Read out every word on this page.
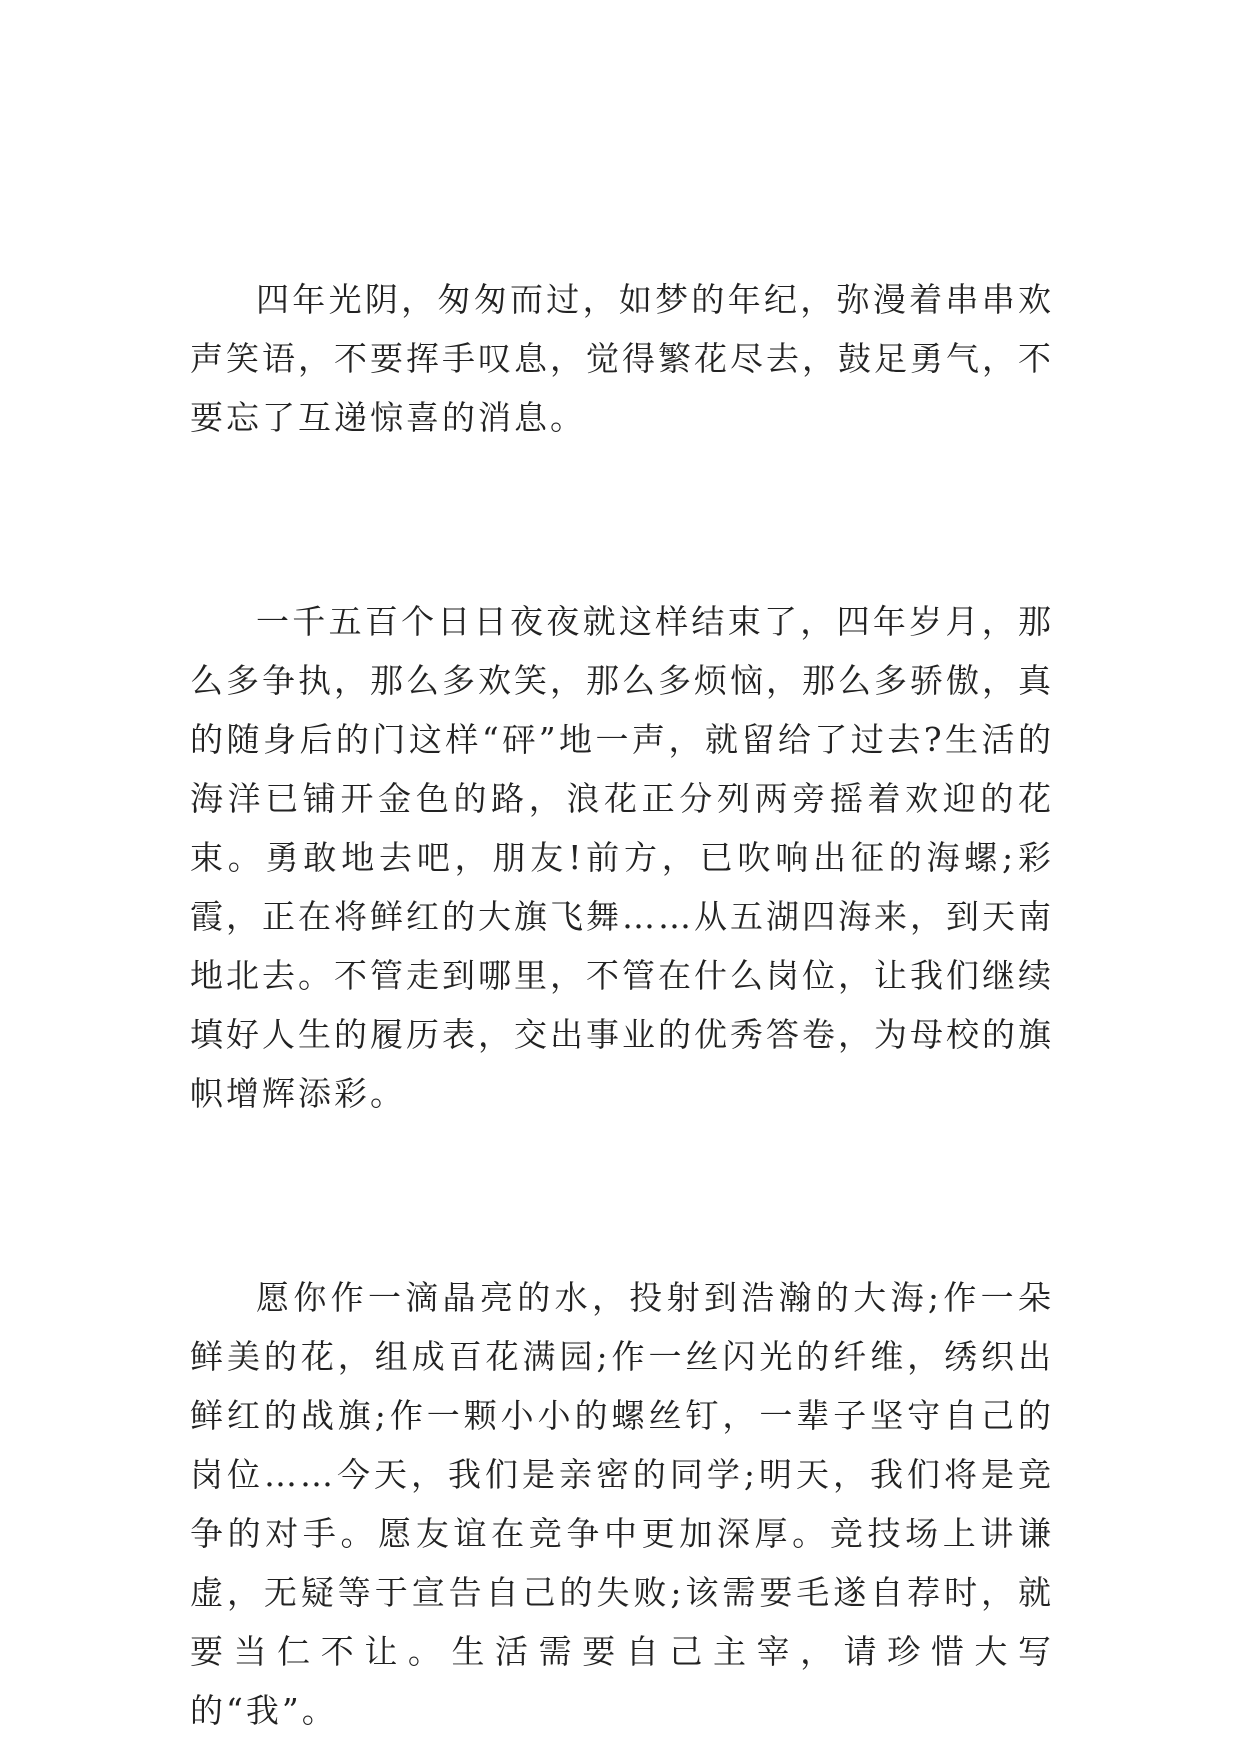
四年光阴，匆匆而过，如梦的年纪，弥漫着串串欢声笑语，不要挥手叹息，觉得繁花尽去，鼓足勇气，不要忘了互递惊喜的消息。

一千五百个日日夜夜就这样结束了，四年岁月，那么多争执，那么多欢笑，那么多烦恼，那么多骄傲，真的随身后的门这样“砰”地一声，就留给了过去?生活的海洋已铺开金色的路，浪花正分列两旁摇着欢迎的花束。勇敢地去吧，朋友!前方，已吹响出征的海螺;彩霞，正在将鲜红的大旗飞舞……从五湖四海来，到天南地北去。不管走到哪里，不管在什么岗位，让我们继续填好人生的履历表，交出事业的优秀答卷，为母校的旗帜增辉添彩。

愿你作一滴晶亮的水，投射到浩瀚的大海;作一朵鲜美的花，组成百花满园;作一丝闪光的纤维，绣织出鲜红的战旗;作一颗小小的螺丝钉，一辈子坚守自己的岗位……今天，我们是亲密的同学;明天，我们将是竞争的对手。愿友谊在竞争中更加深厚。竞技场上讲谦虚，无疑等于宣告自己的失败;该需要毛遂自荐时，就要当仁不让。生活需要自己主宰，请珍惜大写的“我”。
